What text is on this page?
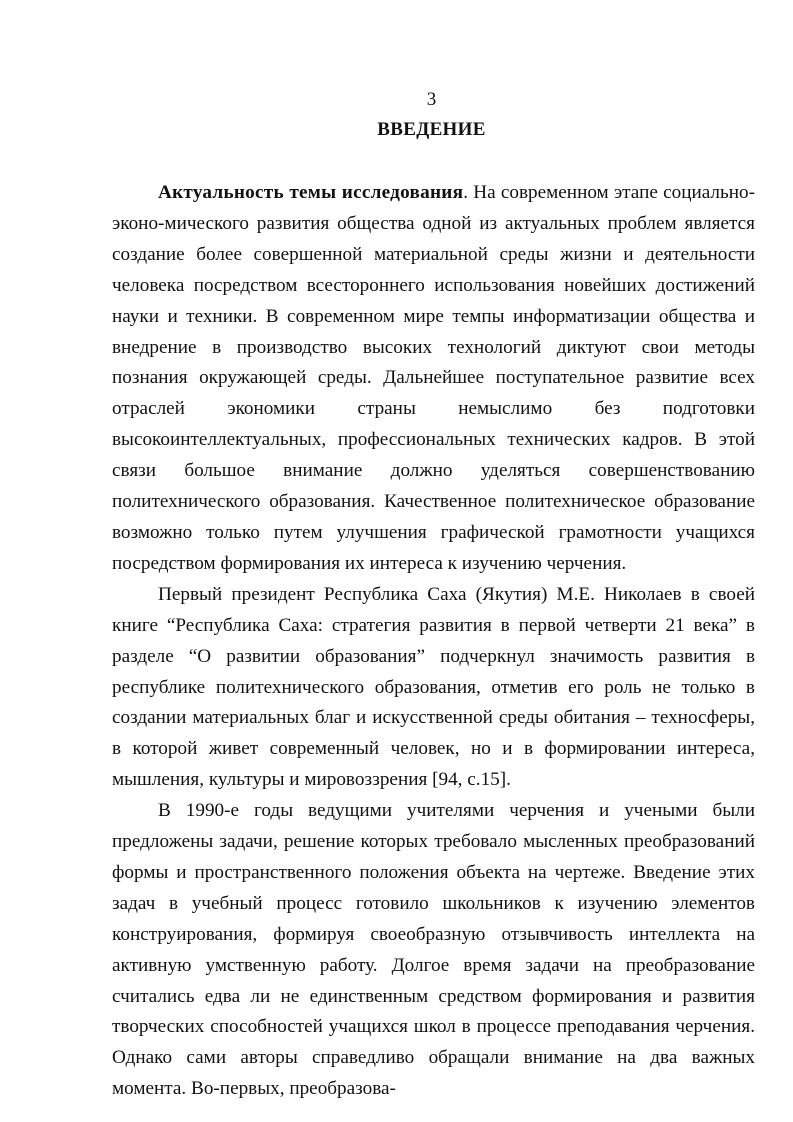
3
ВВЕДЕНИЕ

Актуальность темы исследования. На современном этапе социально-эконо-мического развития общества одной из актуальных проблем является создание более совершенной материальной среды жизни и деятельности человека посредством всестороннего использования новейших достижений науки и техники. В современном мире темпы информатизации общества и внедрение в производство высоких технологий диктуют свои методы познания окружающей среды. Дальнейшее поступательное развитие всех отраслей экономики страны немыслимо без подготовки высокоинтеллектуальных, профессиональных технических кадров. В этой связи большое внимание должно уделяться совершенствованию политехнического образования. Качественное политехническое образование возможно только путем улучшения графической грамотности учащихся посредством формирования их интереса к изучению черчения.

Первый президент Республика Саха (Якутия) М.Е. Николаев в своей книге “Республика Саха: стратегия развития в первой четверти 21 века” в разделе “О развитии образования” подчеркнул значимость развития в республике политехнического образования, отметив его роль не только в создании материальных благ и искусственной среды обитания – техносферы, в которой живет современный человек, но и в формировании интереса, мышления, культуры и мировоззрения [94, с.15].

В 1990-е годы ведущими учителями черчения и учеными были предложены задачи, решение которых требовало мысленных преобразований формы и пространственного положения объекта на чертеже. Введение этих задач в учебный процесс готовило школьников к изучению элементов конструирования, формируя своеобразную отзывчивость интеллекта на активную умственную работу. Долгое время задачи на преобразование считались едва ли не единственным средством формирования и развития творческих способностей учащихся школ в процессе преподавания черчения. Однако сами авторы справедливо обращали внимание на два важных момента. Во-первых, преобразова-
